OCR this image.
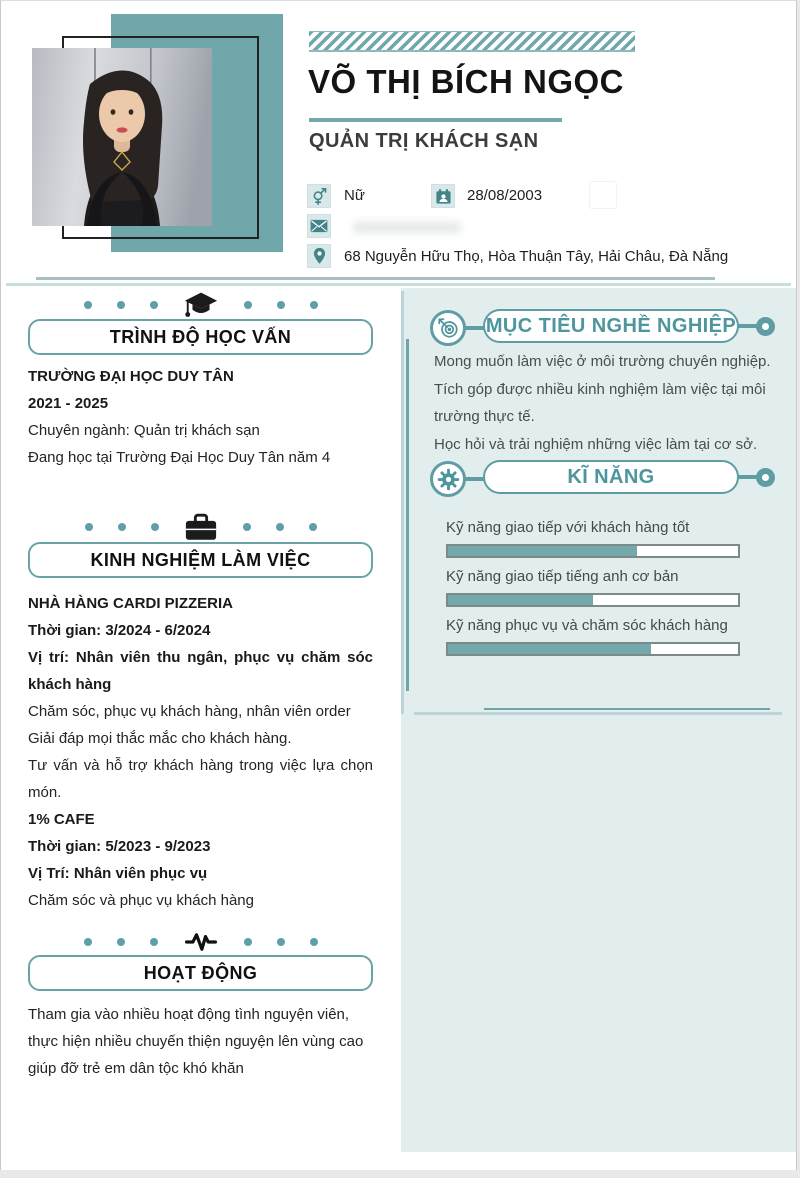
VÕ THỊ BÍCH NGỌC
QUẢN TRỊ KHÁCH SẠN
Nữ	28/08/2003
68 Nguyễn Hữu Thọ, Hòa Thuận Tây, Hải Châu, Đà Nẵng
TRÌNH ĐỘ HỌC VẤN

TRƯỜNG ĐẠI HỌC DUY TÂN

2021 - 2025

Chuyên ngành: Quản trị khách sạn

Đang học tại Trường Đại Học Duy Tân năm 4

KINH NGHIỆM LÀM VIỆC

NHÀ HÀNG CARDI PIZZERIA

Thời gian: 3/2024 - 6/2024

Vị trí: Nhân viên thu ngân, phục vụ chăm sóc khách hàng

Chăm sóc, phục vụ khách hàng, nhân viên order

Giải đáp mọi thắc mắc cho khách hàng.

Tư vấn và hỗ trợ khách hàng trong việc lựa chọn món.

1% CAFE

Thời gian: 5/2023 - 9/2023

Vị Trí: Nhân viên phục vụ

Chăm sóc và phục vụ khách hàng

HOẠT ĐỘNG

Tham gia vào nhiều hoạt động tình nguyện viên, thực hiện nhiều chuyến thiện nguyện lên vùng cao giúp đỡ trẻ em dân tộc khó khăn

MỤC TIÊU NGHỀ NGHIỆP

Mong muốn làm việc ở môi trường chuyên nghiệp.

Tích góp được nhiều kinh nghiệm làm việc tại môi trường thực tế.

Học hỏi và trải nghiệm những việc làm tại cơ sở.

KĨ NĂNG
Kỹ năng giao tiếp với khách hàng tốt
Kỹ năng giao tiếp tiếng anh cơ bản
Kỹ năng phục vụ và chăm sóc khách hàng
